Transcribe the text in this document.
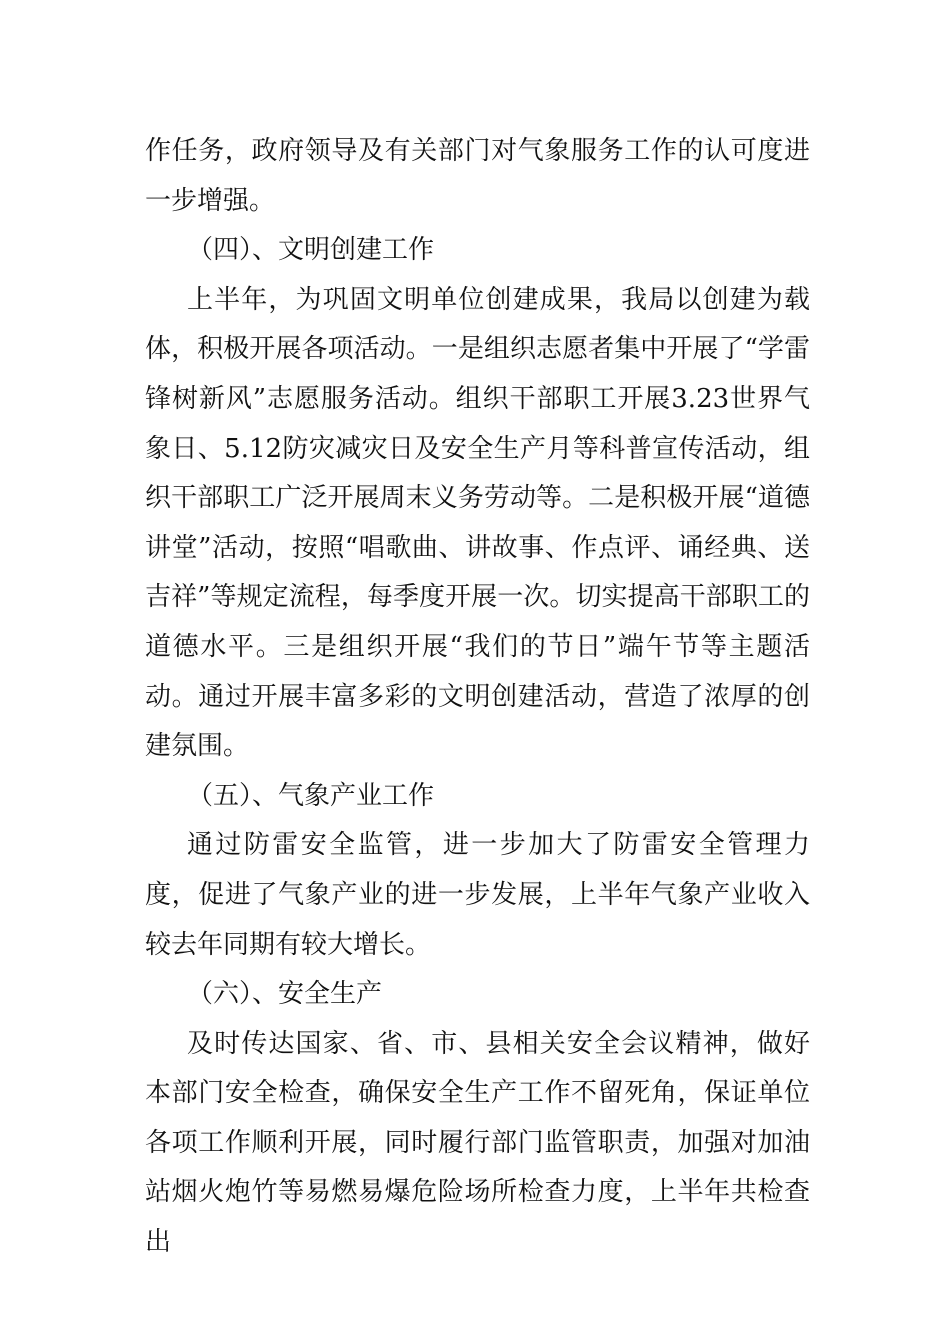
作任务，政府领导及有关部门对气象服务工作的认可度进一步增强。

（四）、文明创建工作

上半年，为巩固文明单位创建成果，我局以创建为载体，积极开展各项活动。一是组织志愿者集中开展了“学雷锋树新风”志愿服务活动。组织干部职工开展3.23世界气象日、5.12防灾减灾日及安全生产月等科普宣传活动，组织干部职工广泛开展周末义务劳动等。二是积极开展“道德讲堂”活动，按照“唱歌曲、讲故事、作点评、诵经典、送吉祥”等规定流程，每季度开展一次。切实提高干部职工的道德水平。三是组织开展“我们的节日”端午节等主题活动。通过开展丰富多彩的文明创建活动，营造了浓厚的创建氛围。

（五）、气象产业工作

通过防雷安全监管，进一步加大了防雷安全管理力度，促进了气象产业的进一步发展，上半年气象产业收入较去年同期有较大增长。

（六）、安全生产

及时传达国家、省、市、县相关安全会议精神，做好本部门安全检查，确保安全生产工作不留死角，保证单位各项工作顺利开展，同时履行部门监管职责，加强对加油站烟火炮竹等易燃易爆危险场所检查力度，上半年共检查出
